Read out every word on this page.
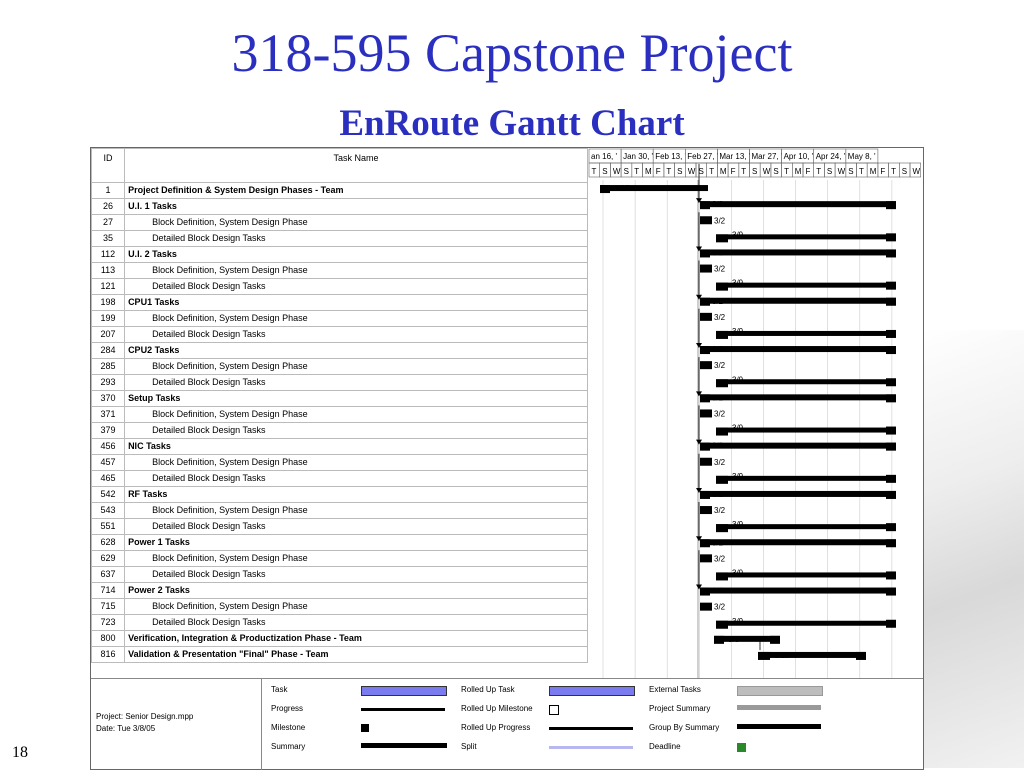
318-595 Capstone Project
EnRoute Gantt Chart
ID	Task Name
1	Project Definition & System Design Phases - Team
26	U.I. 1 Tasks
27	Block Definition, System Design Phase
35	Detailed Block Design Tasks
112	U.I. 2 Tasks
113	Block Definition, System Design Phase
121	Detailed Block Design Tasks
198	CPU1 Tasks
199	Block Definition, System Design Phase
207	Detailed Block Design Tasks
284	CPU2 Tasks
285	Block Definition, System Design Phase
293	Detailed Block Design Tasks
370	Setup Tasks
371	Block Definition, System Design Phase
379	Detailed Block Design Tasks
456	NIC Tasks
457	Block Definition, System Design Phase
465	Detailed Block Design Tasks
542	RF Tasks
543	Block Definition, System Design Phase
551	Detailed Block Design Tasks
628	Power 1 Tasks
629	Block Definition, System Design Phase
637	Detailed Block Design Tasks
714	Power 2 Tasks
715	Block Definition, System Design Phase
723	Detailed Block Design Tasks
800	Verification, Integration & Productization Phase - Team
816	Validation & Presentation "Final" Phase - Team
an 16, ' Jan 30, ' Feb 13, ' Feb 27, ' Mar 13, ' Mar 27, ' Apr 10, ' Apr 24, ' May 8, '
T S W S T M F T S W S T M F T S W S T M F T S W S T M F T S W
1/25
3/2
3/2
3/9
3/2
3/2
3/9
3/2
3/2
3/9
3/2
3/2
3/9
3/2
3/2
3/9
3/2
3/2
3/9
3/2
3/2
3/9
3/2
3/2
3/9
3/2
3/2
3/9
3/8
3/29
Project: Senior Design.mpp
Date: Tue 3/8/05
Task
Progress
Milestone
Summary
Rolled Up Task
Rolled Up Milestone
Rolled Up Progress
Split
External Tasks
Project Summary
Group By Summary
Deadline
18
